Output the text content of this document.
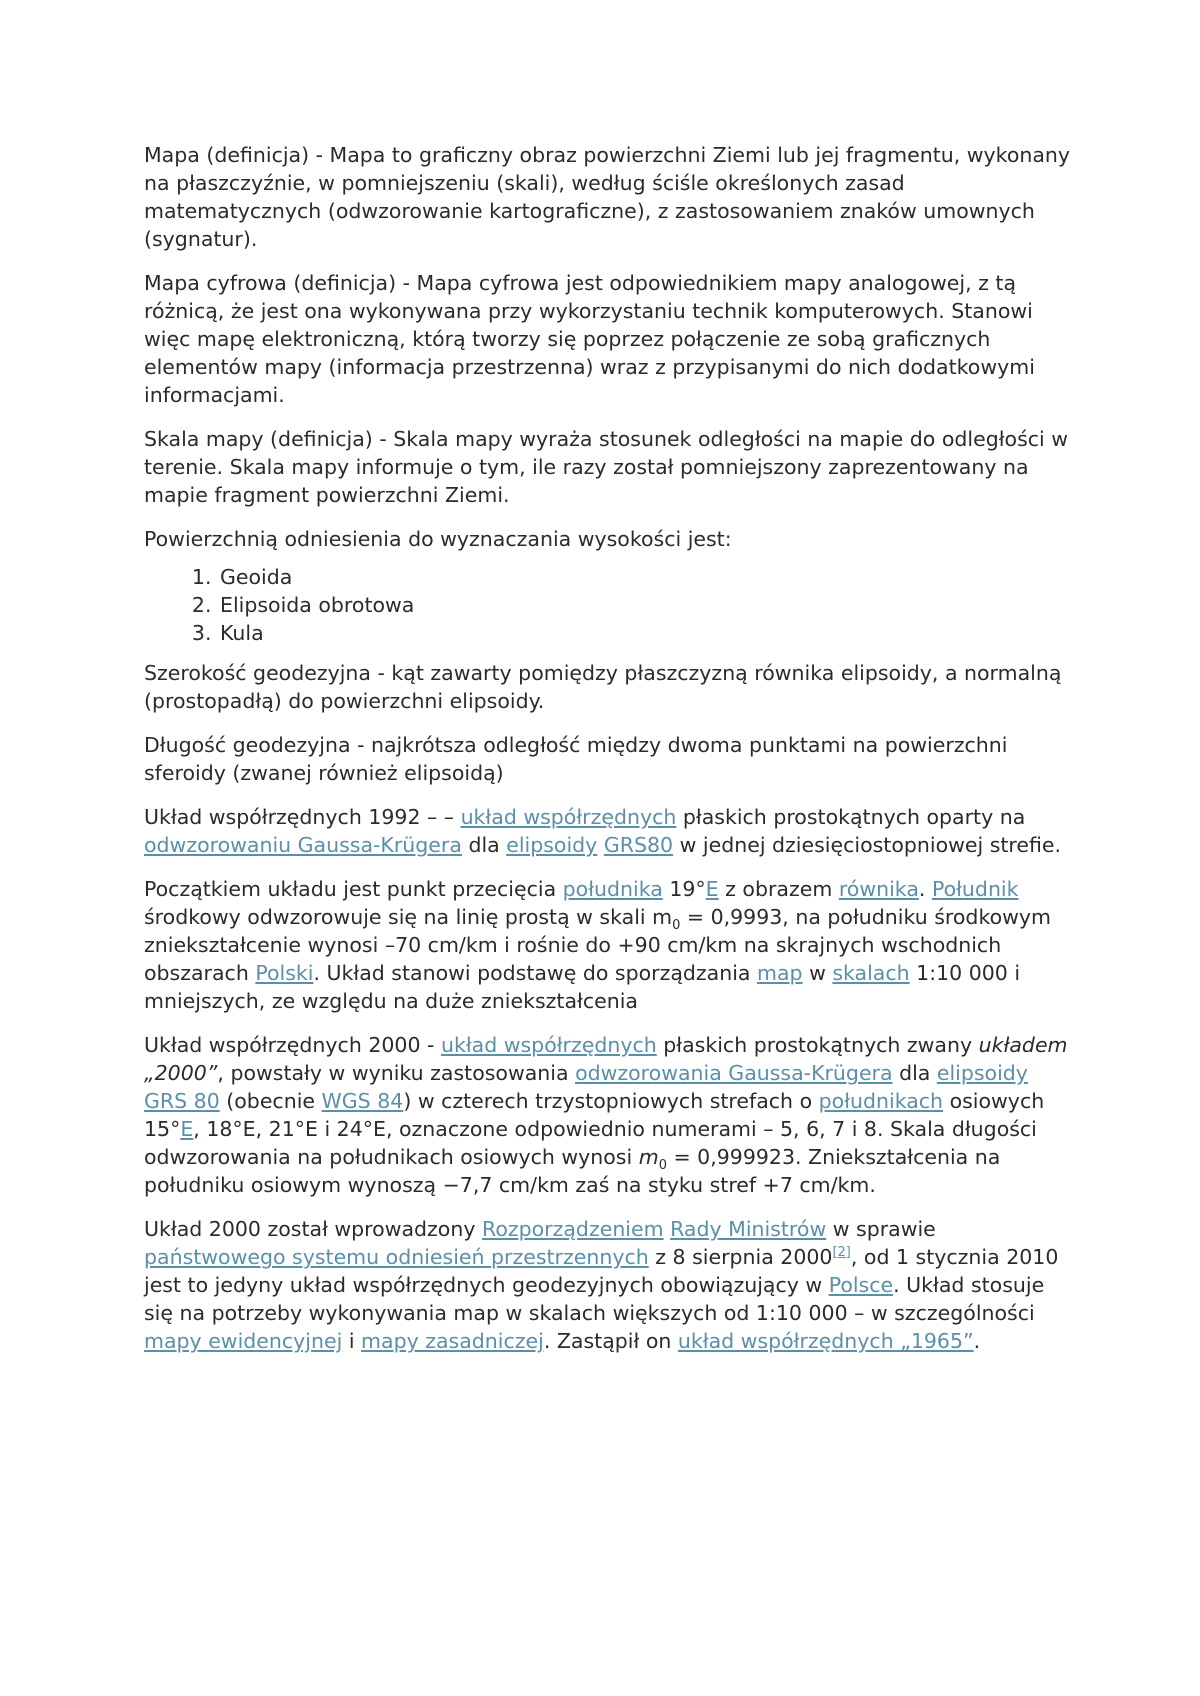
Mapa (definicja) - Mapa to graficzny obraz powierzchni Ziemi lub jej fragmentu, wykonany na płaszczyźnie, w pomniejszeniu (skali), według ściśle określonych zasad matematycznych (odwzorowanie kartograficzne), z zastosowaniem znaków umownych (sygnatur).

Mapa cyfrowa (definicja) - Mapa cyfrowa jest odpowiednikiem mapy analogowej, z tą różnicą, że jest ona wykonywana przy wykorzystaniu technik komputerowych. Stanowi więc mapę elektroniczną, którą tworzy się poprzez połączenie ze sobą graficznych elementów mapy (informacja przestrzenna) wraz z przypisanymi do nich dodatkowymi informacjami.

Skala mapy (definicja) - Skala mapy wyraża stosunek odległości na mapie do odległości w terenie. Skala mapy informuje o tym, ile razy został pomniejszony zaprezentowany na mapie fragment powierzchni Ziemi.

Powierzchnią odniesienia do wyznaczania wysokości jest:

1. Geoida
2. Elipsoida obrotowa
3. Kula

Szerokość geodezyjna - kąt zawarty pomiędzy płaszczyzną równika elipsoidy, a normalną (prostopadłą) do powierzchni elipsoidy.

Długość geodezyjna - najkrótsza odległość między dwoma punktami na powierzchni sferoidy (zwanej również elipsoidą)

Układ współrzędnych 1992 – – układ współrzędnych płaskich prostokątnych oparty na odwzorowaniu Gaussa-Krügera dla elipsoidy GRS80 w jednej dziesięciostopniowej strefie.

Początkiem układu jest punkt przecięcia południka 19°E z obrazem równika. Południk środkowy odwzorowuje się na linię prostą w skali $m_0 = 0,9993$, na południku środkowym zniekształcenie wynosi –70 cm/km i rośnie do +90 cm/km na skrajnych wschodnich obszarach Polski. Układ stanowi podstawę do sporządzania map w skalach 1:10 000 i mniejszych, ze względu na duże zniekształcenia

Układ współrzędnych 2000 - układ współrzędnych płaskich prostokątnych zwany układem „2000”, powstały w wyniku zastosowania odwzorowania Gaussa-Krügera dla elipsoidy GRS 80 (obecnie WGS 84) w czterech trzystopniowych strefach o południkach osiowych 15°E, 18°E, 21°E i 24°E, oznaczone odpowiednio numerami – 5, 6, 7 i 8. Skala długości odwzorowania na południkach osiowych wynosi $m_0 = 0,999923$. Zniekształcenia na południku osiowym wynoszą −7,7 cm/km zaś na styku stref +7 cm/km.

Układ 2000 został wprowadzony Rozporządzeniem Rady Ministrów w sprawie państwowego systemu odniesień przestrzennych z 8 sierpnia 2000[2], od 1 stycznia 2010 jest to jedyny układ współrzędnych geodezyjnych obowiązujący w Polsce. Układ stosuje się na potrzeby wykonywania map w skalach większych od 1:10 000 – w szczególności mapy ewidencyjnej i mapy zasadniczej. Zastąpił on układ współrzędnych „1965”.
